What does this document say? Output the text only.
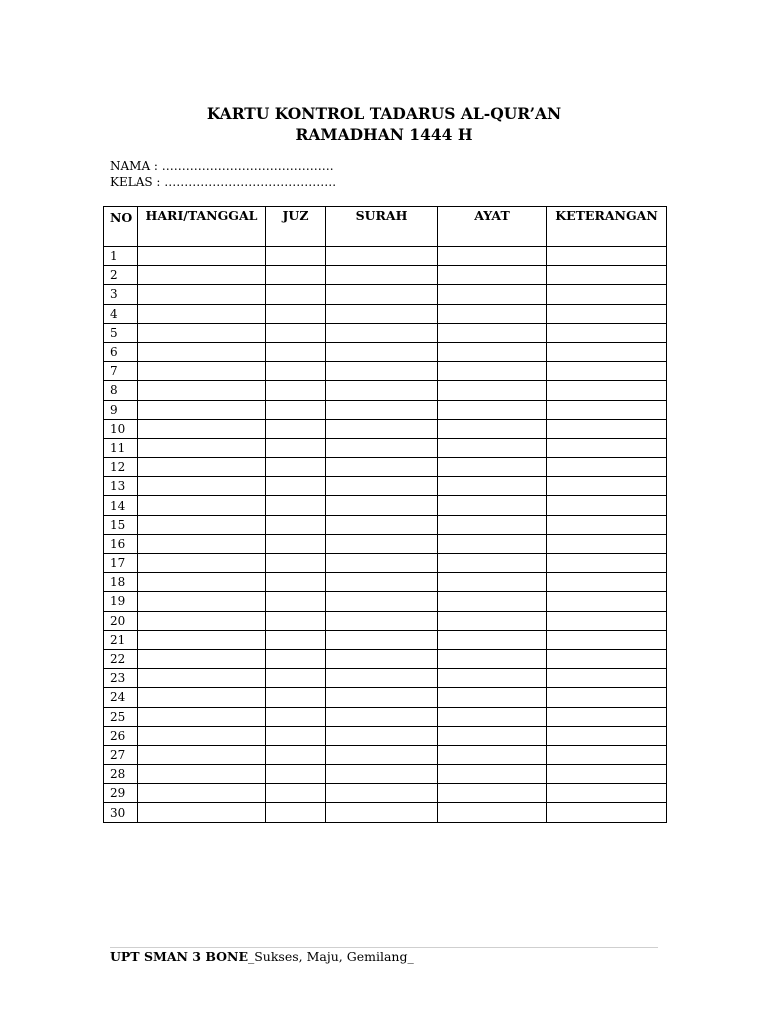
KARTU KONTROL TADARUS AL-QUR’AN
RAMADHAN 1444 H
NAMA : …………………………………….
KELAS : …………………………………….
NO	HARI/TANGGAL	JUZ	SURAH	AYAT	KETERANGAN
1					
2					
3					
4					
5					
6					
7					
8					
9					
10					
11					
12					
13					
14					
15					
16					
17					
18					
19					
20					
21					
22					
23					
24					
25					
26					
27					
28					
29					
30					
UPT SMAN 3 BONE_Sukses, Maju, Gemilang_
